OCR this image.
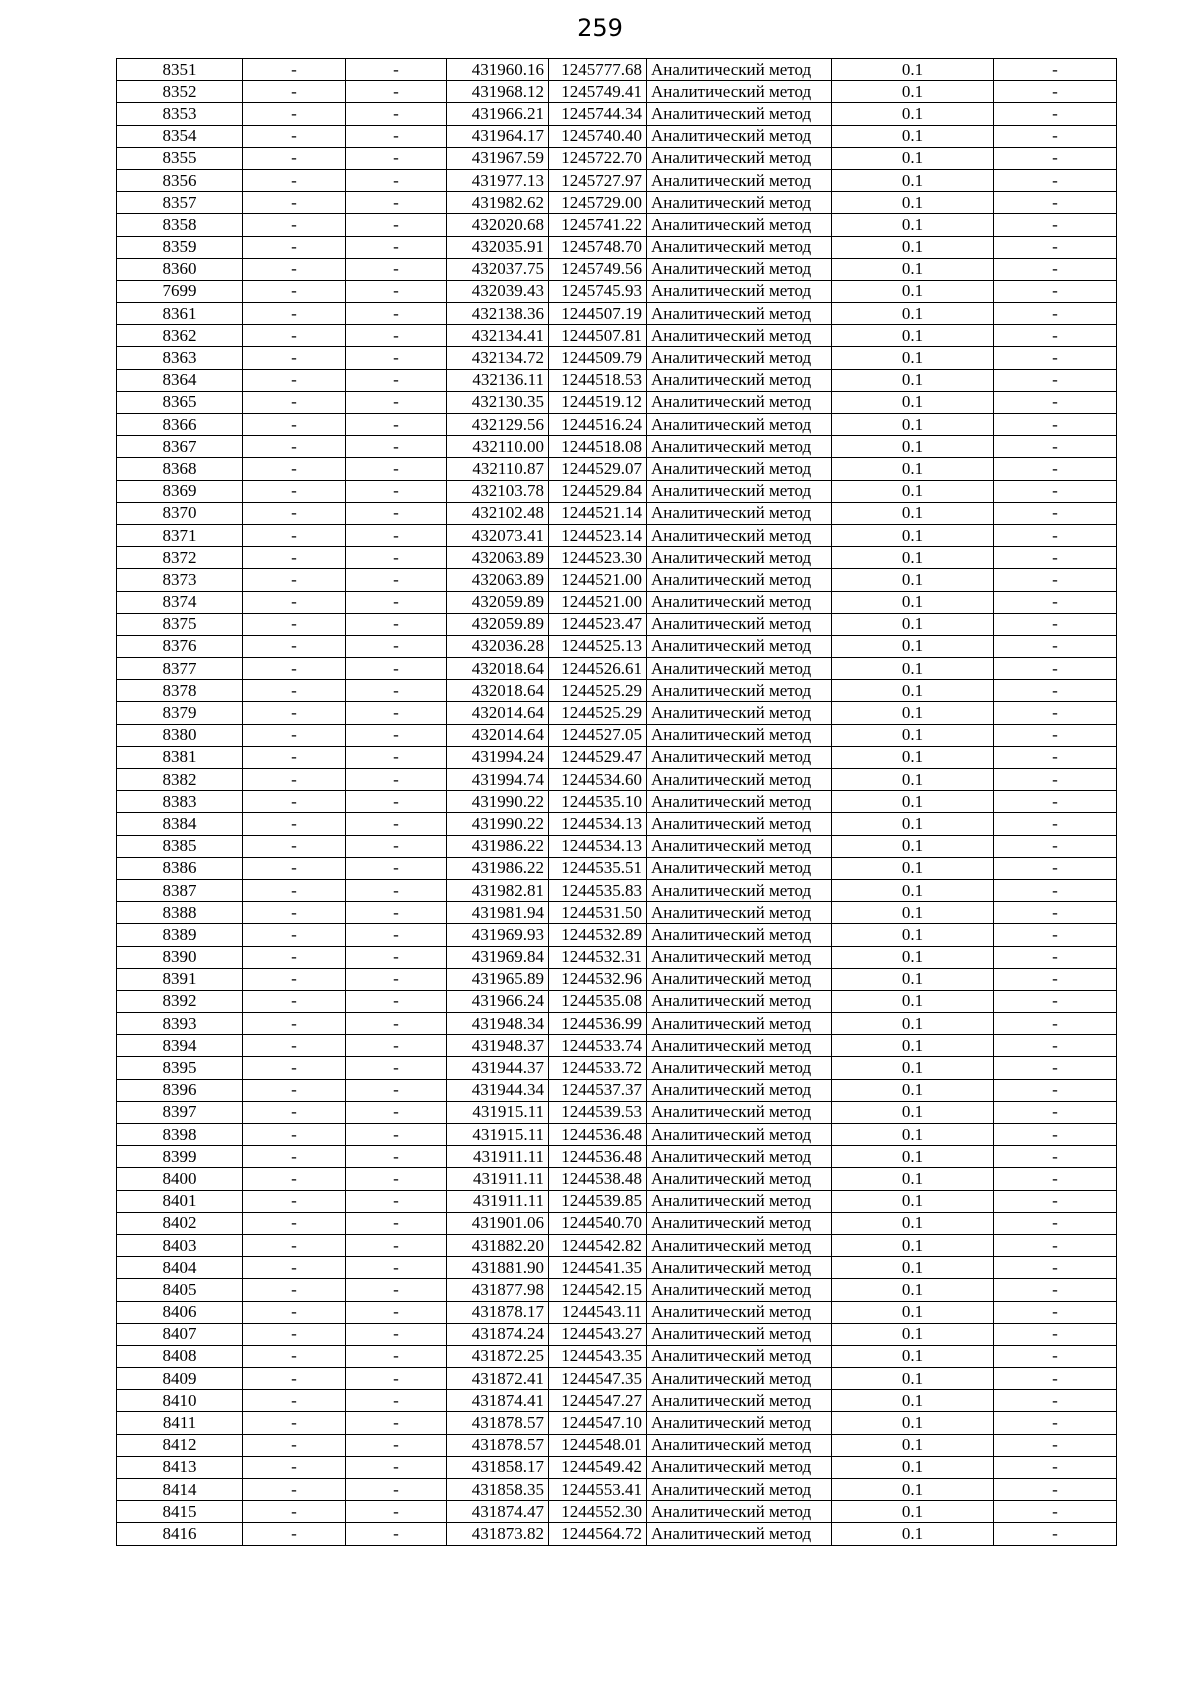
259
8351	-	-	431960.16	1245777.68	Аналитический метод	0.1	-
8352	-	-	431968.12	1245749.41	Аналитический метод	0.1	-
8353	-	-	431966.21	1245744.34	Аналитический метод	0.1	-
8354	-	-	431964.17	1245740.40	Аналитический метод	0.1	-
8355	-	-	431967.59	1245722.70	Аналитический метод	0.1	-
8356	-	-	431977.13	1245727.97	Аналитический метод	0.1	-
8357	-	-	431982.62	1245729.00	Аналитический метод	0.1	-
8358	-	-	432020.68	1245741.22	Аналитический метод	0.1	-
8359	-	-	432035.91	1245748.70	Аналитический метод	0.1	-
8360	-	-	432037.75	1245749.56	Аналитический метод	0.1	-
7699	-	-	432039.43	1245745.93	Аналитический метод	0.1	-
8361	-	-	432138.36	1244507.19	Аналитический метод	0.1	-
8362	-	-	432134.41	1244507.81	Аналитический метод	0.1	-
8363	-	-	432134.72	1244509.79	Аналитический метод	0.1	-
8364	-	-	432136.11	1244518.53	Аналитический метод	0.1	-
8365	-	-	432130.35	1244519.12	Аналитический метод	0.1	-
8366	-	-	432129.56	1244516.24	Аналитический метод	0.1	-
8367	-	-	432110.00	1244518.08	Аналитический метод	0.1	-
8368	-	-	432110.87	1244529.07	Аналитический метод	0.1	-
8369	-	-	432103.78	1244529.84	Аналитический метод	0.1	-
8370	-	-	432102.48	1244521.14	Аналитический метод	0.1	-
8371	-	-	432073.41	1244523.14	Аналитический метод	0.1	-
8372	-	-	432063.89	1244523.30	Аналитический метод	0.1	-
8373	-	-	432063.89	1244521.00	Аналитический метод	0.1	-
8374	-	-	432059.89	1244521.00	Аналитический метод	0.1	-
8375	-	-	432059.89	1244523.47	Аналитический метод	0.1	-
8376	-	-	432036.28	1244525.13	Аналитический метод	0.1	-
8377	-	-	432018.64	1244526.61	Аналитический метод	0.1	-
8378	-	-	432018.64	1244525.29	Аналитический метод	0.1	-
8379	-	-	432014.64	1244525.29	Аналитический метод	0.1	-
8380	-	-	432014.64	1244527.05	Аналитический метод	0.1	-
8381	-	-	431994.24	1244529.47	Аналитический метод	0.1	-
8382	-	-	431994.74	1244534.60	Аналитический метод	0.1	-
8383	-	-	431990.22	1244535.10	Аналитический метод	0.1	-
8384	-	-	431990.22	1244534.13	Аналитический метод	0.1	-
8385	-	-	431986.22	1244534.13	Аналитический метод	0.1	-
8386	-	-	431986.22	1244535.51	Аналитический метод	0.1	-
8387	-	-	431982.81	1244535.83	Аналитический метод	0.1	-
8388	-	-	431981.94	1244531.50	Аналитический метод	0.1	-
8389	-	-	431969.93	1244532.89	Аналитический метод	0.1	-
8390	-	-	431969.84	1244532.31	Аналитический метод	0.1	-
8391	-	-	431965.89	1244532.96	Аналитический метод	0.1	-
8392	-	-	431966.24	1244535.08	Аналитический метод	0.1	-
8393	-	-	431948.34	1244536.99	Аналитический метод	0.1	-
8394	-	-	431948.37	1244533.74	Аналитический метод	0.1	-
8395	-	-	431944.37	1244533.72	Аналитический метод	0.1	-
8396	-	-	431944.34	1244537.37	Аналитический метод	0.1	-
8397	-	-	431915.11	1244539.53	Аналитический метод	0.1	-
8398	-	-	431915.11	1244536.48	Аналитический метод	0.1	-
8399	-	-	431911.11	1244536.48	Аналитический метод	0.1	-
8400	-	-	431911.11	1244538.48	Аналитический метод	0.1	-
8401	-	-	431911.11	1244539.85	Аналитический метод	0.1	-
8402	-	-	431901.06	1244540.70	Аналитический метод	0.1	-
8403	-	-	431882.20	1244542.82	Аналитический метод	0.1	-
8404	-	-	431881.90	1244541.35	Аналитический метод	0.1	-
8405	-	-	431877.98	1244542.15	Аналитический метод	0.1	-
8406	-	-	431878.17	1244543.11	Аналитический метод	0.1	-
8407	-	-	431874.24	1244543.27	Аналитический метод	0.1	-
8408	-	-	431872.25	1244543.35	Аналитический метод	0.1	-
8409	-	-	431872.41	1244547.35	Аналитический метод	0.1	-
8410	-	-	431874.41	1244547.27	Аналитический метод	0.1	-
8411	-	-	431878.57	1244547.10	Аналитический метод	0.1	-
8412	-	-	431878.57	1244548.01	Аналитический метод	0.1	-
8413	-	-	431858.17	1244549.42	Аналитический метод	0.1	-
8414	-	-	431858.35	1244553.41	Аналитический метод	0.1	-
8415	-	-	431874.47	1244552.30	Аналитический метод	0.1	-
8416	-	-	431873.82	1244564.72	Аналитический метод	0.1	-
